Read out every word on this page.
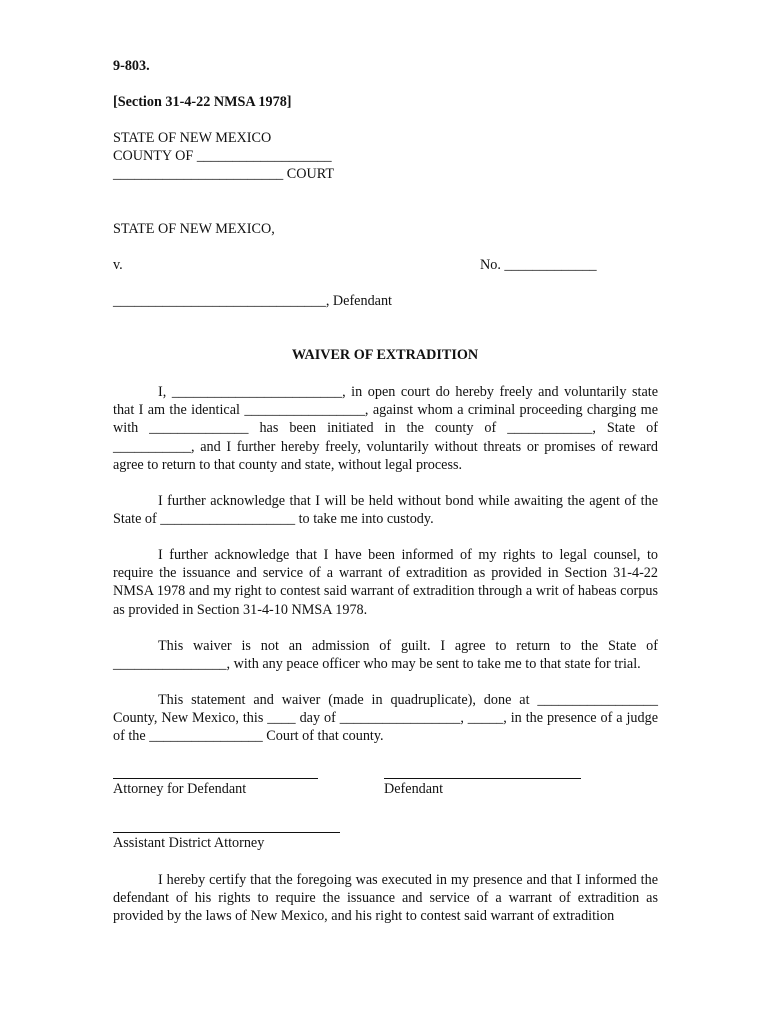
9-803.
[Section 31-4-22 NMSA 1978]
STATE OF NEW MEXICO
COUNTY OF ___________________
________________________ COURT
STATE OF NEW MEXICO,
v.	No. _____________
______________________________, Defendant
WAIVER OF EXTRADITION

I, ________________________, in open court do hereby freely and voluntarily state that I am the identical _________________, against whom a criminal proceeding charging me with ______________ has been initiated in the county of ____________, State of ___________, and I further hereby freely, voluntarily without threats or promises of reward agree to return to that county and state, without legal process.

I further acknowledge that I will be held without bond while awaiting the agent of the State of ___________________ to take me into custody.

I further acknowledge that I have been informed of my rights to legal counsel, to require the issuance and service of a warrant of extradition as provided in Section 31-4-22 NMSA 1978 and my right to contest said warrant of extradition through a writ of habeas corpus as provided in Section 31-4-10 NMSA 1978.

This waiver is not an admission of guilt. I agree to return to the State of ________________, with any peace officer who may be sent to take me to that state for trial.

This statement and waiver (made in quadruplicate), done at _________________ County, New Mexico, this ____ day of _________________, _____, in the presence of a judge of the ________________ Court of that county.

Attorney for Defendant	Defendant
Assistant District Attorney

I hereby certify that the foregoing was executed in my presence and that I informed the defendant of his rights to require the issuance and service of a warrant of extradition as provided by the laws of New Mexico, and his right to contest said warrant of extradition
